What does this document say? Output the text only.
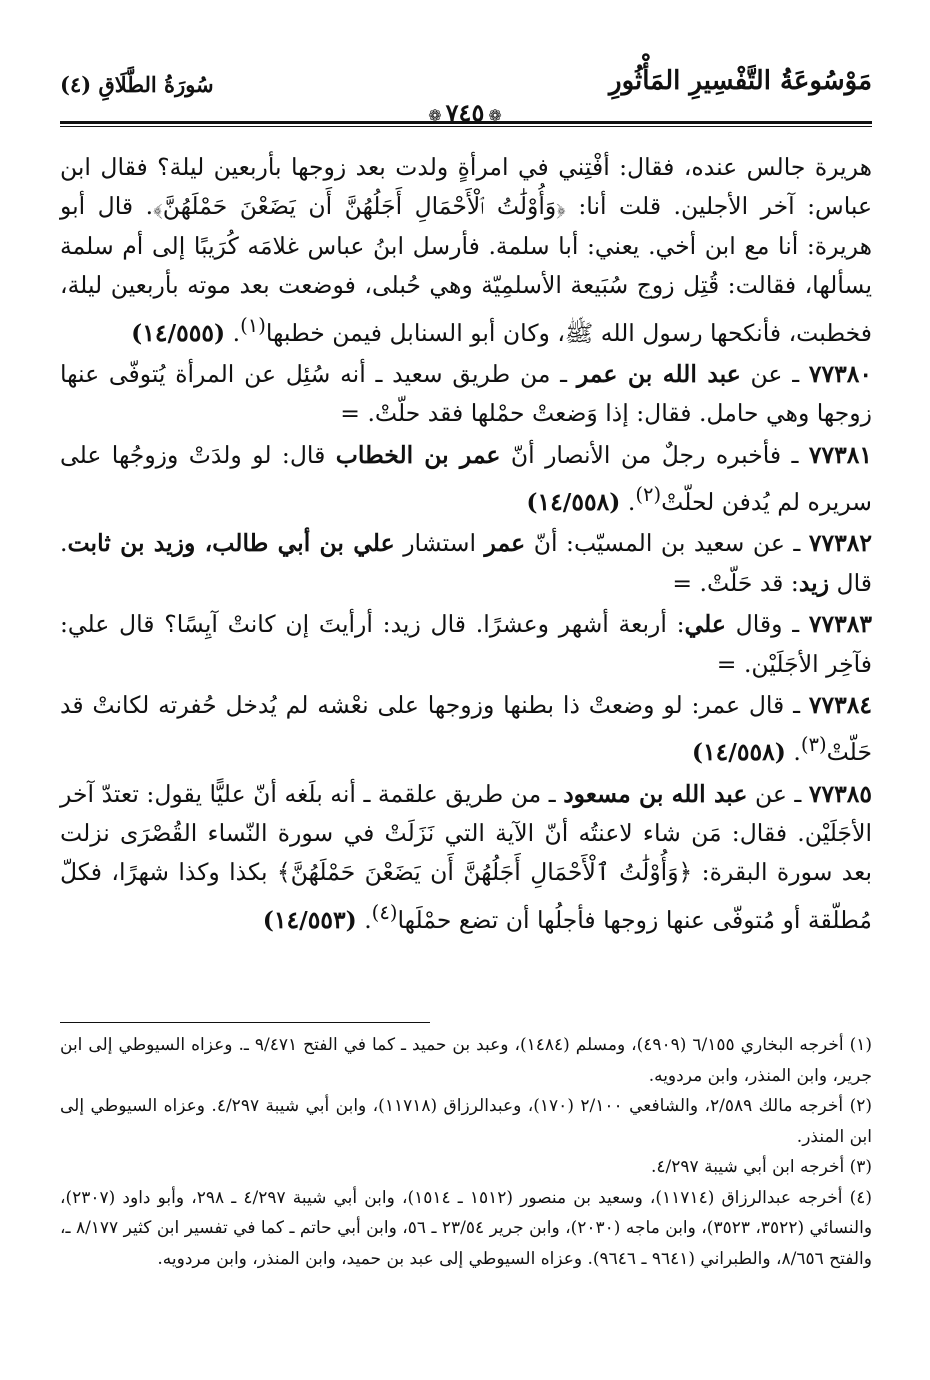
مَوْسُوعَةُ التَّفْسِيرِ المَأْثُورِ
❁ ٧٤٥ ❁
سُورَةُ الطَّلَاقِ (٤)

هريرة جالس عنده، فقال: أفْتِني في امرأةٍ ولدت بعد زوجها بأربعين ليلة؟ فقال ابن عباس: آخر الأجلين. قلت أنا: ﴿وَأُوْلَٰتُ ٱلْأَحْمَالِ أَجَلُهُنَّ أَن يَضَعْنَ حَمْلَهُنَّ﴾. قال أبو هريرة: أنا مع ابن أخي. يعني: أبا سلمة. فأرسل ابنُ عباس غلامَه كُرَيبًا إلى أم سلمة يسألها، فقالت: قُتِل زوج سُبَيعة الأسلمِيّة وهي حُبلى، فوضعت بعد موته بأربعين ليلة، فخطبت، فأنكحها رسول الله ﷺ، وكان أبو السنابل فيمن خطبها$^{(١)}$. (١٤/٥٥٥)

٧٧٣٨٠ ـ عن عبد الله بن عمر ـ من طريق سعيد ـ أنه سُئِل عن المرأة يُتوفّى عنها زوجها وهي حامل. فقال: إذا وَضعتْ حمْلها فقد حلّتْ. =

٧٧٣٨١ ـ فأخبره رجلٌ من الأنصار أنّ عمر بن الخطاب قال: لو ولدَتْ وزوجُها على سريره لم يُدفن لحلّتْ$^{(٢)}$. (١٤/٥٥٨)

٧٧٣٨٢ ـ عن سعيد بن المسيّب: أنّ عمر استشار علي بن أبي طالب، وزيد بن ثابت. قال زيد: قد حَلّتْ. =

٧٧٣٨٣ ـ وقال علي: أربعة أشهر وعشرًا. قال زيد: أرأيتَ إن كانتْ آيِسًا؟ قال علي: فآخِر الأجَلَيْن. =

٧٧٣٨٤ ـ قال عمر: لو وضعتْ ذا بطنها وزوجها على نعْشه لم يُدخل حُفرته لكانتْ قد حَلّتْ$^{(٣)}$. (١٤/٥٥٨)

٧٧٣٨٥ ـ عن عبد الله بن مسعود ـ من طريق علقمة ـ أنه بلَغه أنّ عليًّا يقول: تعتدّ آخر الأجَلَيْن. فقال: مَن شاء لاعنتُه أنّ الآية التي نَزَلَتْ في سورة النّساء القُصْرَى نزلت بعد سورة البقرة: ﴿وَأُوْلَٰتُ ٱلْأَحْمَالِ أَجَلُهُنَّ أَن يَضَعْنَ حَمْلَهُنَّ﴾ بكذا وكذا شهرًا، فكلّ مُطلّقة أو مُتوفّى عنها زوجها فأجلُها أن تضع حمْلَها$^{(٤)}$. (١٤/٥٥٣)

(١) أخرجه البخاري ٦/١٥٥ (٤٩٠٩)، ومسلم (١٤٨٤)، وعبد بن حميد ـ كما في الفتح ٩/٤٧١ ـ. وعزاه السيوطي إلى ابن جرير، وابن المنذر، وابن مردويه.

(٢) أخرجه مالك ٢/٥٨٩، والشافعي ٢/١٠٠ (١٧٠)، وعبدالرزاق (١١٧١٨)، وابن أبي شيبة ٤/٢٩٧. وعزاه السيوطي إلى ابن المنذر.

(٣) أخرجه ابن أبي شيبة ٤/٢٩٧.

(٤) أخرجه عبدالرزاق (١١٧١٤)، وسعيد بن منصور (١٥١٢ ـ ١٥١٤)، وابن أبي شيبة ٤/٢٩٧ ـ ٢٩٨، وأبو داود (٢٣٠٧)، والنسائي (٣٥٢٢، ٣٥٢٣)، وابن ماجه (٢٠٣٠)، وابن جرير ٢٣/٥٤ ـ ٥٦، وابن أبي حاتم ـ كما في تفسير ابن كثير ٨/١٧٧ ـ، والفتح ٨/٦٥٦، والطبراني (٩٦٤١ ـ ٩٦٤٦). وعزاه السيوطي إلى عبد بن حميد، وابن المنذر، وابن مردويه.
